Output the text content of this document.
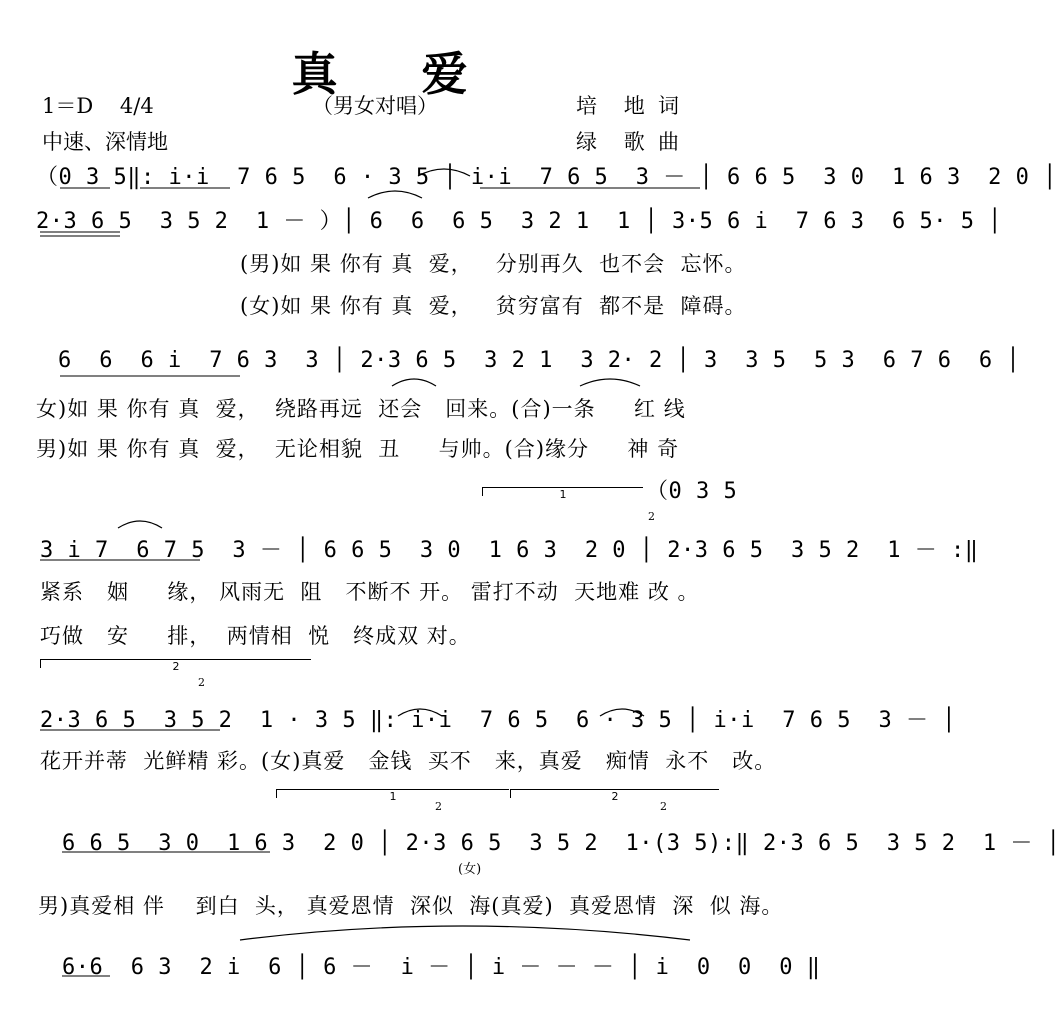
真 爱
1＝D    4/4	（男女对唱）	培    地  词
中速、深情地	绿    歌  曲
（0 3 5‖: i·i  7 6 5  6 · 3 5 │ i·i  7 6 5  3 － │ 6 6 5  3 0  1 6 3  2 0 │
2·3 6 5  3 5 2  1 － ）│ 6  6  6 5  3 2 1  1 │ 3·5 6 i  7 6 3  6 5· 5 │
(男)如 果 你有 真  爱，   分别再久  也不会  忘怀。
(女)如 果 你有 真  爱，   贫穷富有  都不是  障碍。
6  6  6 i  7 6 3  3 │ 2·3 6 5  3 2 1  3 2· 2 │ 3  3 5  5 3  6 7 6  6 │
女)如 果 你有 真  爱，  绕路再远  还会   回来。(合)一条     红 线
男)如 果 你有 真  爱，  无论相貌  丑     与帅。(合)缘分     神 奇
1	（0 3 5
3 i 7  6 7 5  3 － │ 6 6 5  3 0  1 6 3  2 0 │ 2·3 6 5  3 5 2  1 － :‖
紧系   姻     缘， 风雨无  阻   不断不 开。 雷打不动  天地难 改 。
巧做   安     排，  两情相  悦   终成双 对。
2
2·3 6 5  3 5 2  1 · 3 5 ‖: i·i  7 6 5  6 · 3 5 │ i·i  7 6 5  3 － │
花开并蒂  光鲜精 彩。(女)真爱   金钱  买不   来，真爱   痴情  永不   改。
1	2
6 6 5  3 0  1 6 3  2 0 │ 2·3 6 5  3 5 2  1·(3 5):‖ 2·3 6 5  3 5 2  1 － │
(女)
男)真爱相 伴    到白  头， 真爱恩情  深似  海(真爱)  真爱恩情  深  似 海。
6·6  6 3  2 i  6 │ 6 －  i － │ i － － － │ i  0  0  0 ‖
2
2	2
2
